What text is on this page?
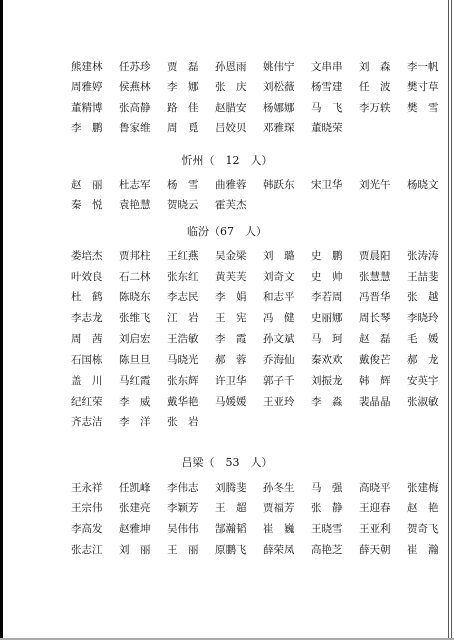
熊建林 任苏珍 贾　磊 孙恩雨 姚伟宁 文串串 刘　森 李一帆
周雅婷 侯燕林 李　娜 张　庆 刘松薇 杨雪建 任　波 樊寸草
董精博 张高静 路　佳 赵腊安 杨娜娜 马　飞 李万轶 樊　雪
李　鹏 鲁家维 周　覓 吕姣贝 邓雅琛 董晓荣
忻州（　12　人）
赵　丽 杜志军 杨　雪 曲雅蓉 韩跃东 宋卫华 刘光午 杨晓文
秦　悦 袁艳慧 贺晓云 霍芙杰
临汾（67　人）
娄培杰 贾邦柱 王红燕 吴金梁 刘　璐 史　鹏 贾晨阳 张涛涛
叶效良 石二林 张东红 黄芙芙 刘奇文 史　帅 张慧慧 王喆斐
杜　鹤 陈晓东 李志民 李　娟 和志平 李若周 冯晋华 张　越
李志龙 张维飞 江　岩 王　宪 冯　健 史丽娜 周长琴 李晓玲
周　茜 刘启宏 王浩敏 李　霞 孙文斌 马　珂 赵　磊 毛　媛
石国栋 陈旦旦 马晓光 郝　蓉 乔海仙 秦欢欢 戴俊芒 郝　龙
盖　川 马红霞 张东辉 许卫华 郭子千 刘振龙 韩　辉 安英宇
纪红荣 李　威 戴华艳 马媛媛 王亚玲 李　淼 裴晶晶 张淑敏
齐志洁 李　洋 张　岩
吕梁（　53　人）
王永祥 任凯峰 李伟志 刘腾斐 孙冬生 马　强 高晓平 张建梅
王宗伟 张建亮 李颖芳 王　超 贾福芳 张　静 王迎春 赵　艳
李高发 赵雅坤 吴伟伟 郜瀚韬 崔　巍 王晓雪 王亚利 贺奇飞
张志江 刘　丽 王　丽 原鹏飞 薛荣凤 高艳芝 薛天朝 崔　瀚
